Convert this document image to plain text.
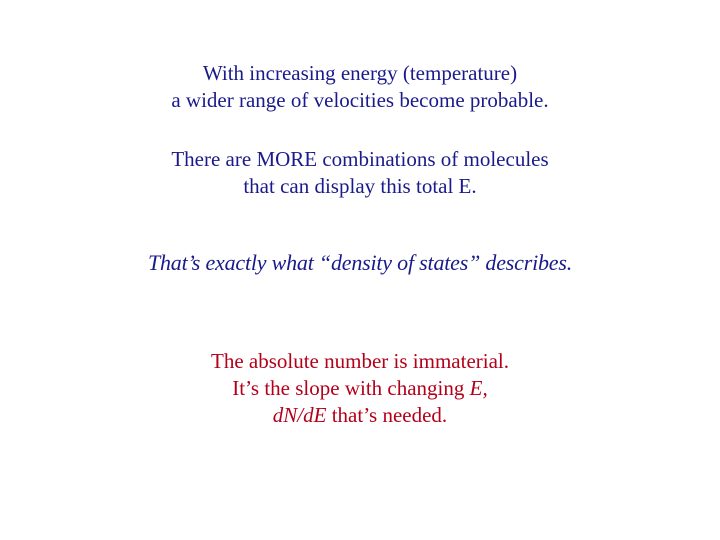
With increasing energy (temperature)
a wider range of velocities become probable.
There are MORE combinations of molecules
that can display this total E.
That’s exactly what “density of states” describes.
The absolute number is immaterial.
It’s the slope with changing E,
dN/dE that’s needed.
